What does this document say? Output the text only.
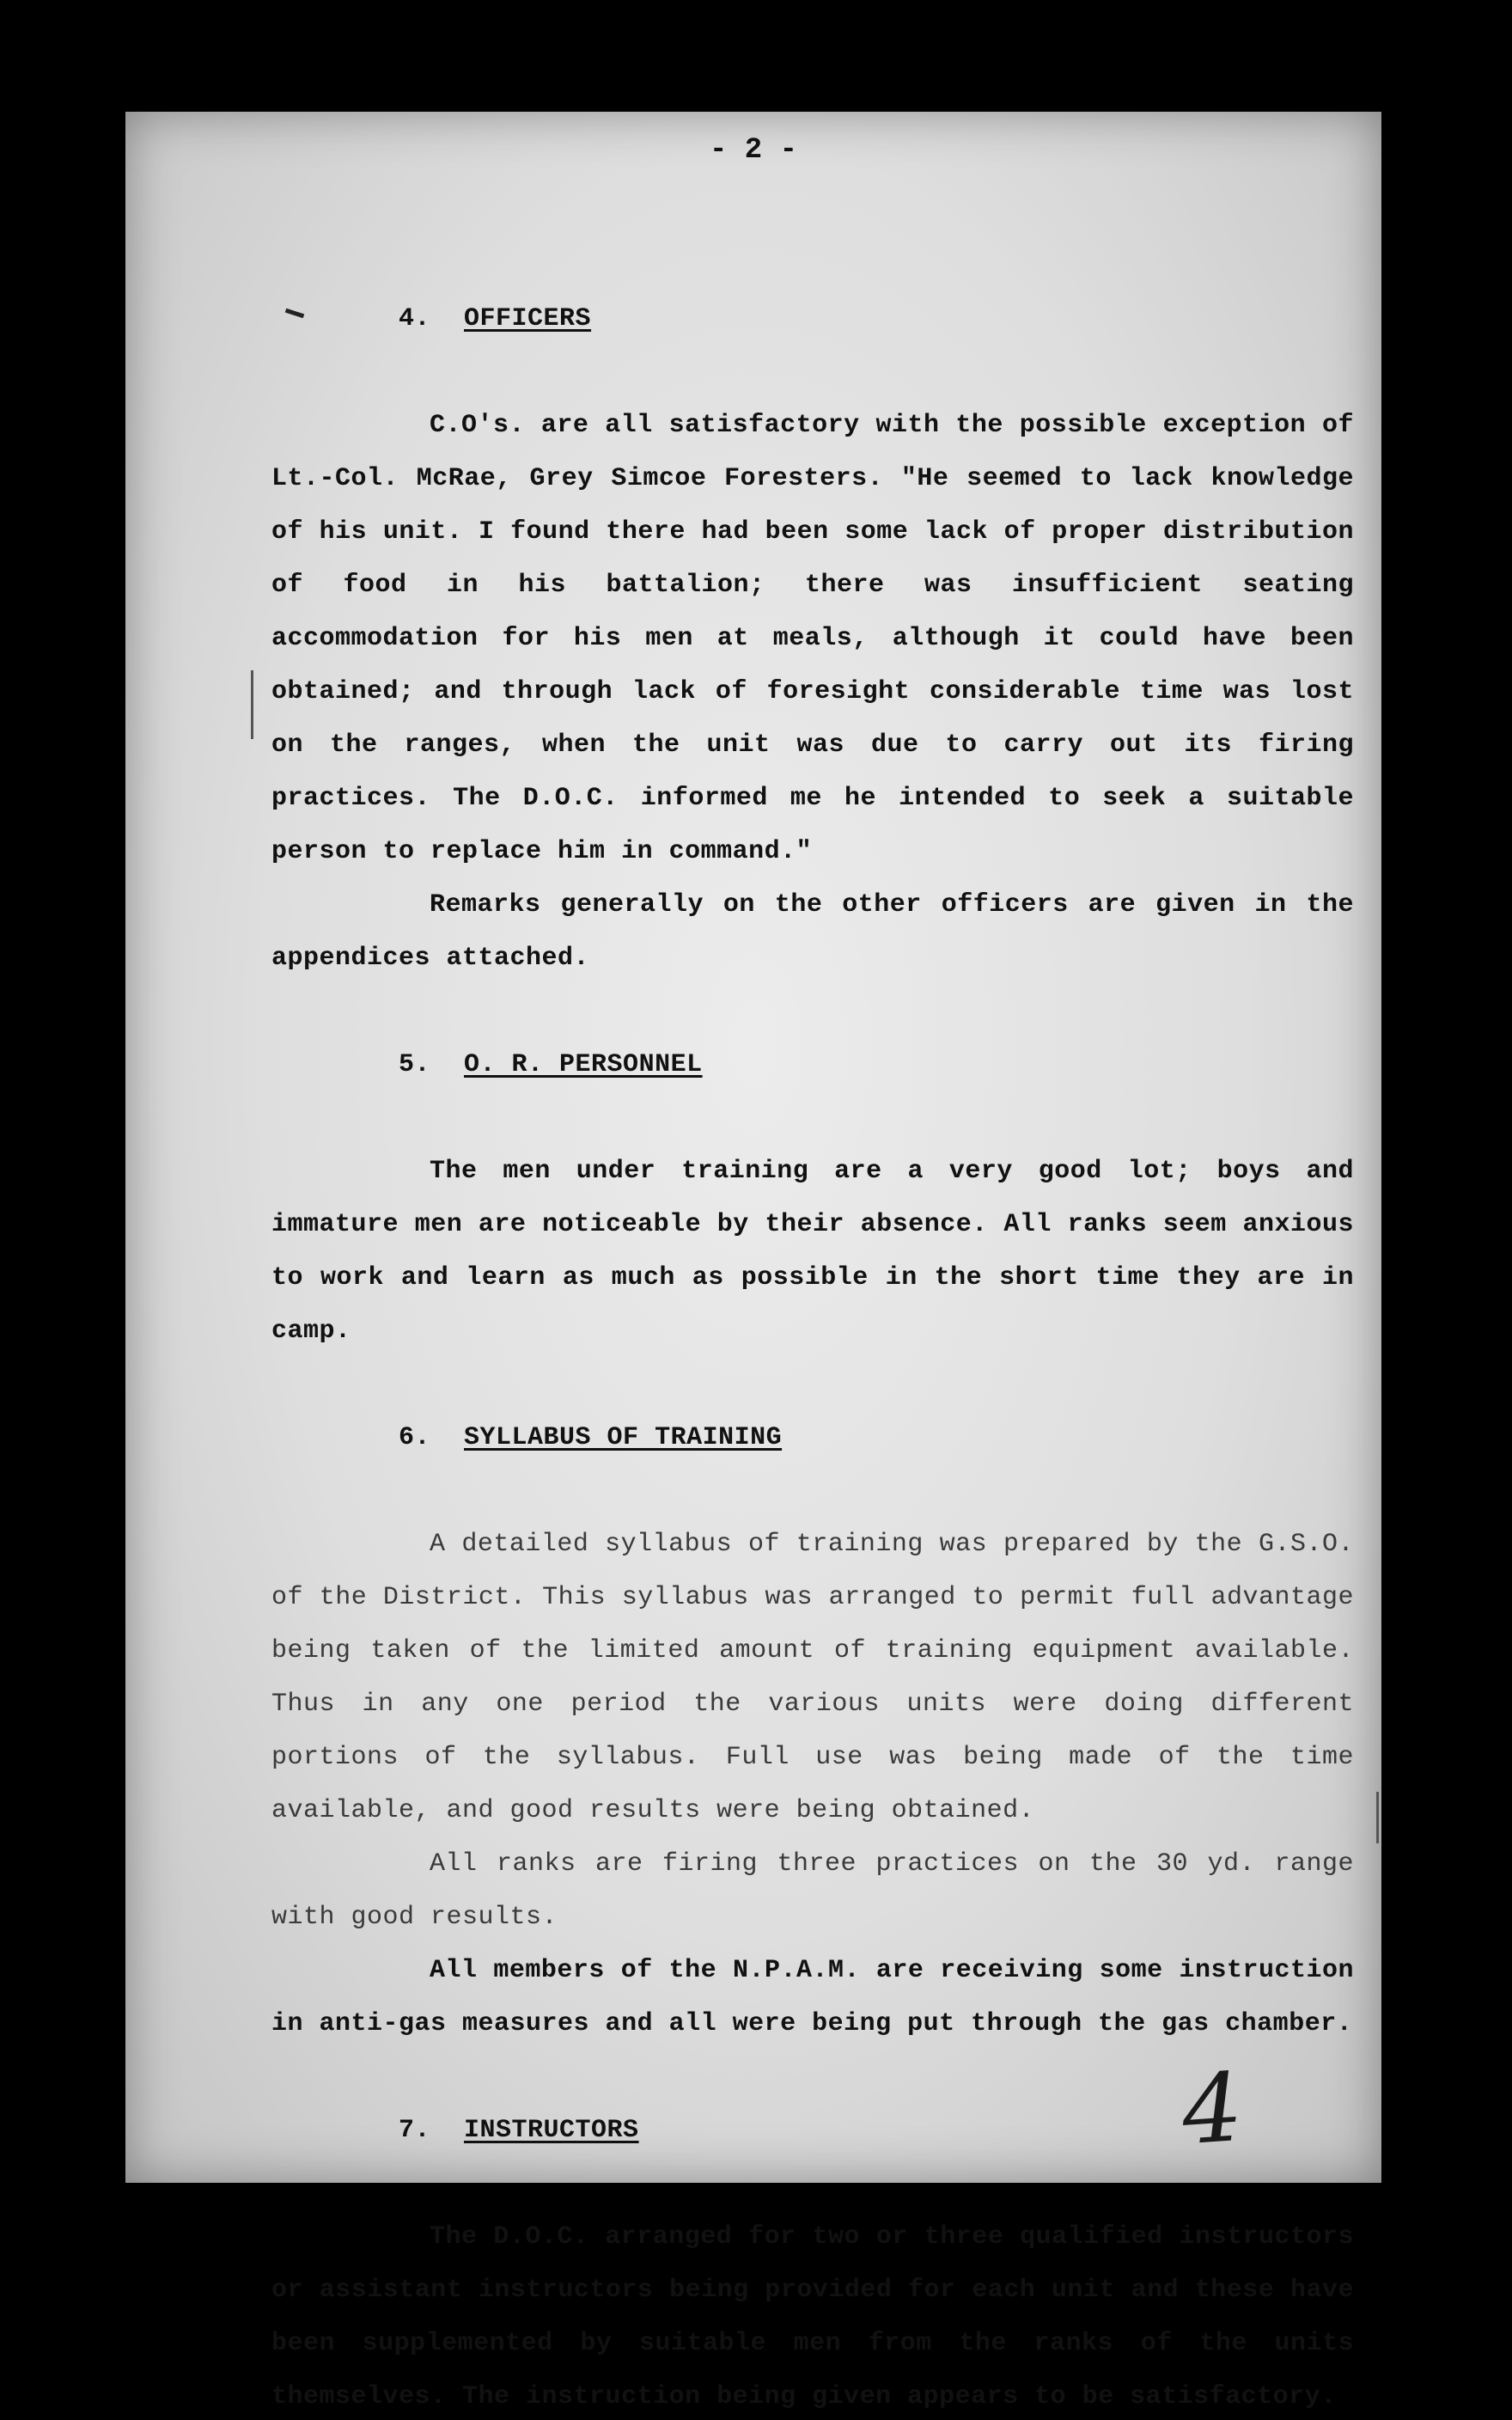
- 2 -

4. OFFICERS

C.O's. are all satisfactory with the possible exception of Lt.-Col. McRae, Grey Simcoe Foresters. "He seemed to lack knowledge of his unit. I found there had been some lack of proper distribution of food in his battalion; there was insufficient seating accommodation for his men at meals, although it could have been obtained; and through lack of foresight considerable time was lost on the ranges, when the unit was due to carry out its firing practices. The D.O.C. informed me he intended to seek a suitable person to replace him in command."

Remarks generally on the other officers are given in the appendices attached.

5. O. R. PERSONNEL

The men under training are a very good lot; boys and immature men are noticeable by their absence. All ranks seem anxious to work and learn as much as possible in the short time they are in camp.

6. SYLLABUS OF TRAINING

A detailed syllabus of training was prepared by the G.S.O. of the District. This syllabus was arranged to permit full advantage being taken of the limited amount of training equipment available. Thus in any one period the various units were doing different portions of the syllabus. Full use was being made of the time available, and good results were being obtained.

All ranks are firing three practices on the 30 yd. range with good results.

All members of the N.P.A.M. are receiving some instruction in anti-gas measures and all were being put through the gas chamber.

7. INSTRUCTORS

The D.O.C. arranged for two or three qualified instructors or assistant instructors being provided for each unit and these have been supplemented by suitable men from the ranks of the units themselves. The instruction being given appears to be satisfactory.

4
